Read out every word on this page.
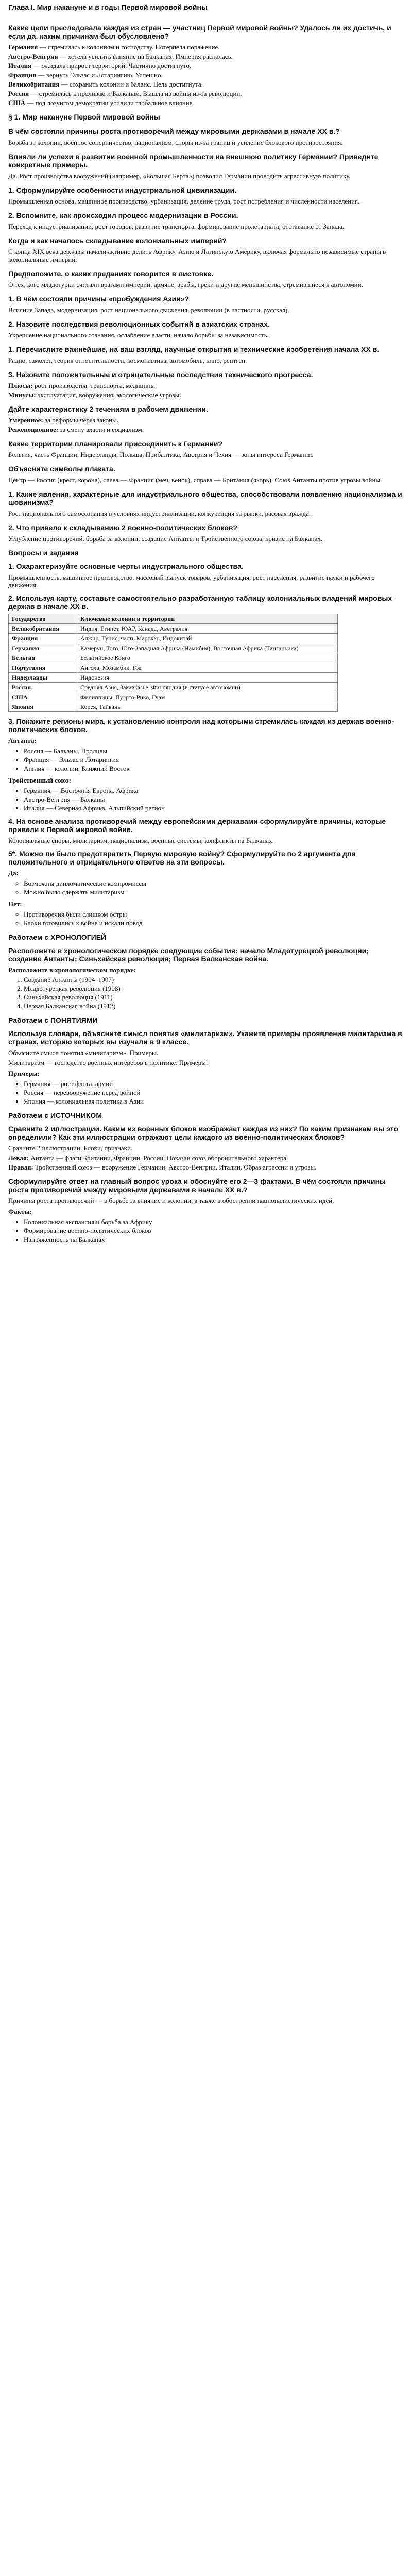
Глава I. Мир накануне и в годы Первой мировой войны
Какие цели преследовала каждая из стран — участниц Первой мировой войны? Удалось ли их достичь, и если да, каким причинам был обусловлено?

Германия — стремилась к колониям и господству. Потерпела поражение.

Австро-Венгрия — хотела усилить влияние на Балканах. Империя распалась.

Италия — ожидала прирост территорий. Частично достигнуто.

Франция — вернуть Эльзас и Лотарингию. Успешно.

Великобритания — сохранить колонии и баланс. Цель достигнута.

Россия — стремилась к проливам и Балканам. Вышла из войны из-за революции.

США — под лозунгом демократии усилили глобальное влияние.

§ 1. Мир накануне Первой мировой войны
В чём состояли причины роста противоречий между мировыми державами в начале XX в.?

Борьба за колонии, военное соперничество, национализм, споры из-за границ и усиление блокового противостояния.

Влияли ли успехи в развитии военной промышленности на внешнюю политику Германии? Приведите конкретные примеры.

Да. Рост производства вооружений (например, «Большая Берта») позволил Германии проводить агрессивную политику.

1. Сформулируйте особенности индустриальной цивилизации.

Промышленная основа, машинное производство, урбанизация, деление труда, рост потребления и численности населения.

2. Вспомните, как происходил процесс модернизации в России.

Переход к индустриализации, рост городов, развитие транспорта, формирование пролетариата, отставание от Запада.

Когда и как началось складывание колониальных империй?

С конца XIX века державы начали активно делить Африку, Азию и Латинскую Америку, включая формально независимые страны в колониальные империи.

Предположите, о каких преданиях говорится в листовке.

О тех, кого младотурки считали врагами империи: армяне, арабы, греки и другие меньшинства, стремившиеся к автономии.

1. В чём состояли причины «пробуждения Азии»?

Влияние Запада, модернизация, рост национального движения, революции (в частности, русская).

2. Назовите последствия революционных событий в азиатских странах.

Укрепление национального сознания, ослабление власти, начало борьбы за независимость.

1. Перечислите важнейшие, на ваш взгляд, научные открытия и технические изобретения начала XX в.

Радио, самолёт, теория относительности, космонавтика, автомобиль, кино, рентген.

3. Назовите положительные и отрицательные последствия технического прогресса.

Плюсы: рост производства, транспорта, медицины.

Минусы: эксплуатация, вооружения, экологические угрозы.

Дайте характеристику 2 течениям в рабочем движении.

Умеренное: за реформы через законы.

Революционное: за смену власти и социализм.

Какие территории планировали присоединить к Германии?

Бельгия, часть Франции, Нидерланды, Польша, Прибалтика, Австрия и Чехия — зоны интереса Германии.

Объясните символы плаката.

Центр — Россия (крест, корона), слева — Франция (меч, венок), справа — Британия (якорь). Союз Антанты против угрозы войны.

1. Какие явления, характерные для индустриального общества, способствовали появлению национализма и шовинизма?

Рост национального самосознания в условиях индустриализации, конкуренция за рынки, расовая вражда.

2. Что привело к складыванию 2 военно-политических блоков?

Углубление противоречий, борьба за колонии, создание Антанты и Тройственного союза, кризис на Балканах.

Вопросы и задания
1. Охарактеризуйте основные черты индустриального общества.

Промышленность, машинное производство, массовый выпуск товаров, урбанизация, рост населения, развитие науки и рабочего движения.

2. Используя карту, составьте самостоятельно разработанную таблицу колониальных владений мировых держав в начале XX в.
Государство	Ключевые колонии и территории
Великобритания	Индия, Египет, ЮАР, Канада, Австралия
Франция	Алжир, Тунис, часть Марокко, Индокитай
Германия	Камерун, Того, Юго-Западная Африка (Намибия), Восточная Африка (Танганьика)
Бельгия	Бельгийское Конго
Португалия	Ангола, Мозамбик, Гоа
Нидерланды	Индонезия
Россия	Средняя Азия, Закавказье, Финляндия (в статусе автономии)
США	Филиппины, Пуэрто-Рико, Гуам
Япония	Корея, Тайвань
3. Покажите регионы мира, к установлению контроля над которыми стремилась каждая из держав военно-политических блоков.
Антанта:
• Россия — Балканы, Проливы
• Франция — Эльзас и Лотарингия
• Англия — колонии, Ближний Восток
Тройственный союз:
• Германия — Восточная Европа, Африка
• Австро-Венгрия — Балканы
• Италия — Северная Африка, Альпийский регион
4. На основе анализа противоречий между европейскими державами сформулируйте причины, которые привели к Первой мировой войне.

Колониальные споры, милитаризм, национализм, военные системы, конфликты на Балканах.

5*. Можно ли было предотвратить Первую мировую войну? Сформулируйте по 2 аргумента для положительного и отрицательного ответов на эти вопросы.
Да:
◦ Возможны дипломатические компромиссы
◦ Можно было сдержать милитаризм
Нет:
◦ Противоречия были слишком остры
◦ Блоки готовились к войне и искали повод
Работаем с ХРОНОЛОГИЕЙ
Расположите в хронологическом порядке следующие события: начало Младотурецкой революции; создание Антанты; Синьхайская революция; Первая Балканская война.

Расположите в хронологическом порядке:

1. Создание Антанты (1904–1907)
2. Младотурецкая революция (1908)
3. Синьхайская революция (1911)
4. Первая Балканская война (1912)
Работаем с ПОНЯТИЯМИ
Используя словари, объясните смысл понятия «милитаризм». Укажите примеры проявления милитаризма в странах, историю которых вы изучали в 9 классе.

Объясните смысл понятия «милитаризм». Примеры.

Милитаризм — господство военных интересов в политике. Примеры:

Примеры:
• Германия — рост флота, армии
• Россия — перевооружение перед войной
• Япония — колониальная политика в Азии
Работаем с ИСТОЧНИКОМ
Сравните 2 иллюстрации. Каким из военных блоков изображает каждая из них? По каким признакам вы это определили? Как эти иллюстрации отражают цели каждого из военно-политических блоков?

Сравните 2 иллюстрации. Блоки, признаки.

Левая: Антанта — флаги Британии, Франции, России. Показан союз оборонительного характера.

Правая: Тройственный союз — вооружение Германии, Австро-Венгрии, Италии. Образ агрессии и угрозы.

Сформулируйте ответ на главный вопрос урока и обоснуйте его 2—3 фактами. В чём состояли причины роста противоречий между мировыми державами в начале XX в.?

Причины роста противоречий — в борьбе за влияние и колонии, а также в обострении националистических идей.

Факты:
• Колониальная экспансия и борьба за Африку
• Формирование военно-политических блоков
• Напряжённость на Балканах
